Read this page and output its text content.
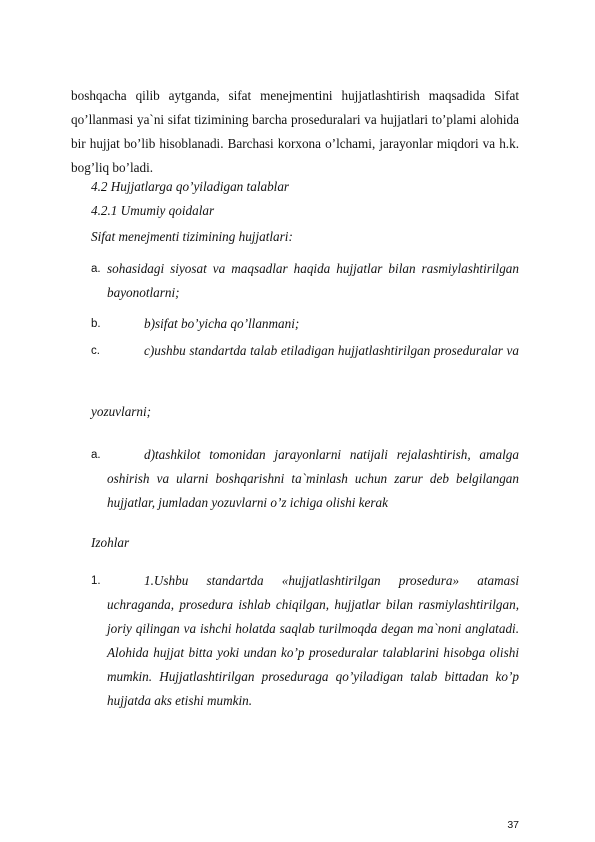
boshqacha qilib aytganda, sifat menejmentini hujjatlashtirish maqsadida Sifat qo’llanmasi ya`ni sifat tizimining barcha proseduralari va hujjatlari to’plami alohida bir hujjat bo’lib hisoblanadi. Barchasi korxona o’lchami, jarayonlar miqdori va h.k. bog’liq bo’ladi.

4.2 Hujjatlarga qo’yiladigan talablar
4.2.1 Umumiy qoidalar
Sifat menejmenti tizimining hujjatlari:
a. sohasidagi siyosat va maqsadlar haqida hujjatlar bilan rasmiylashtirilgan bayonotlarni;
b.	b)sifat bo’yicha qo’llanmani;
c.	c)ushbu standartda talab etiladigan hujjatlashtirilgan proseduralar va
yozuvlarni;
a.	d)tashkilot tomonidan jarayonlarni natijali rejalashtirish, amalga oshirish va ularni boshqarishni ta`minlash uchun zarur deb belgilangan hujjatlar, jumladan yozuvlarni o’z ichiga olishi kerak
Izohlar
1.	1.Ushbu standartda «hujjatlashtirilgan prosedura» atamasi uchraganda, prosedura ishlab chiqilgan, hujjatlar bilan rasmiylashtirilgan, joriy qilingan va ishchi holatda saqlab turilmoqda degan ma`noni anglatadi. Alohida hujjat bitta yoki undan ko’p proseduralar talablarini hisobga olishi mumkin. Hujjatlashtirilgan proseduraga qo’yiladigan talab bittadan ko’p hujjatda aks etishi mumkin.
37
